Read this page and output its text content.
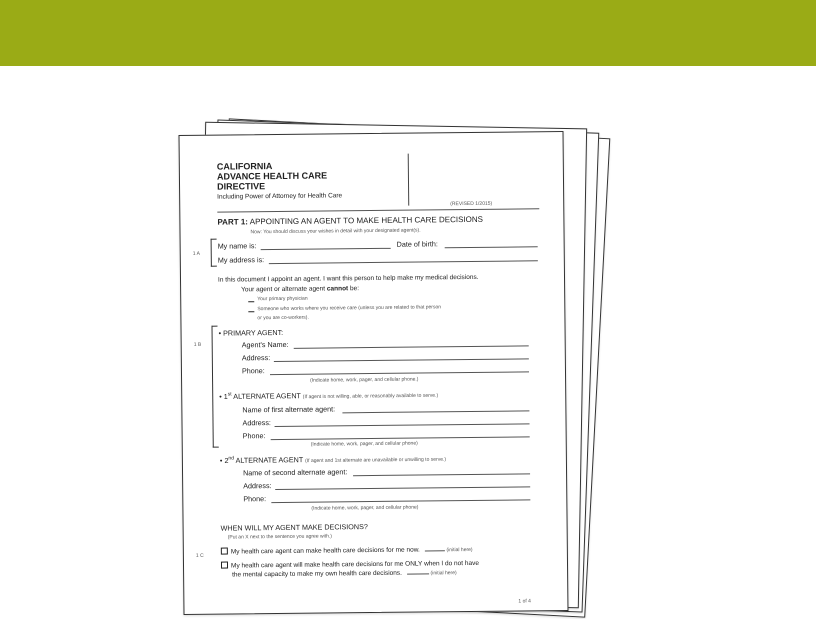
CALIFORNIA
ADVANCE HEALTH CARE
DIRECTIVE
Including Power of Attorney for Health Care
(REVISED 1/2015)
PART 1: APPOINTING AN AGENT TO MAKE HEALTH CARE DECISIONS
Now: You should discuss your wishes in detail with your designated agent(s).
1 A
My name is:	Date of birth:
My address is:
In this document I appoint an agent. I want this person to help make my medical decisions.
Your agent or alternate agent cannot be:
Your primary physician
Someone who works where you receive care (unless you are related to that person
or you are co-workers).
1 B
• PRIMARY AGENT:
Agent's Name:
Address:
Phone:
(Indicate home, work, pager, and cellular phone.)
• 1st ALTERNATE AGENT (If agent is not willing, able, or reasonably available to serve.)
Name of first alternate agent:
Address:
Phone:
(Indicate home, work, pager, and cellular phone)
• 2nd ALTERNATE AGENT (If agent and 1st alternate are unavailable or unwilling to serve.)
Name of second alternate agent:
Address:
Phone:
(Indicate home, work, pager, and cellular phone)
WHEN WILL MY AGENT MAKE DECISIONS?
(Put an X next to the sentence you agree with.)
1 C
My health care agent can make health care decisions for me now.	(initial here)
My health care agent will make health care decisions for me ONLY when I do not have
the mental capacity to make my own health care decisions.	(initial here)
1 of 4
